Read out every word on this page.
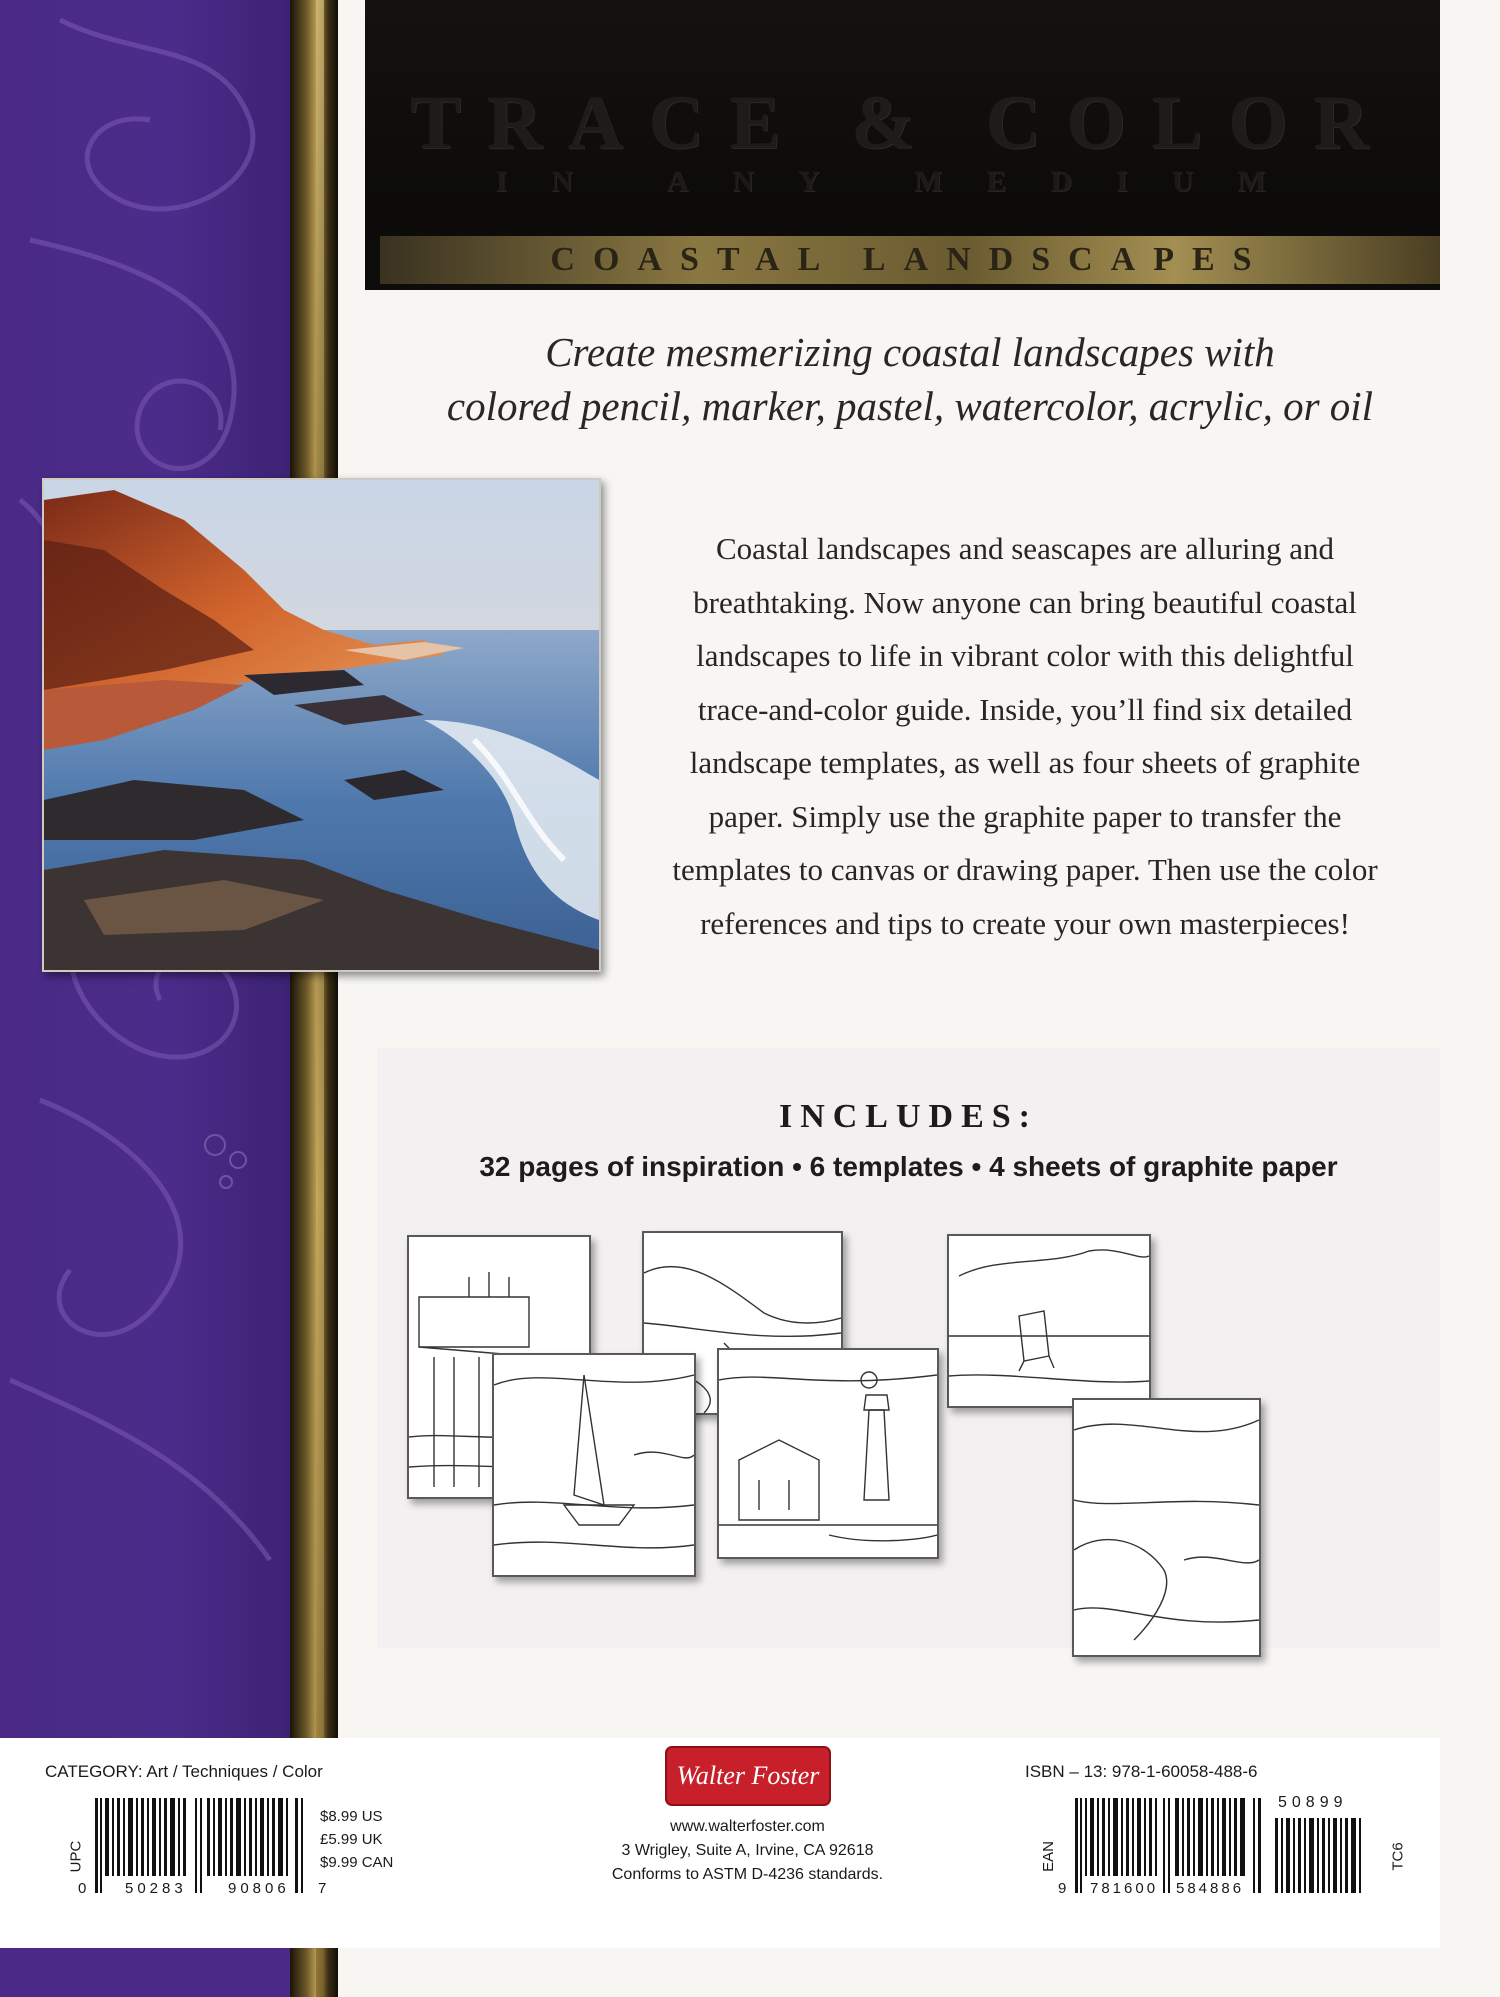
TRACE & COLOR
IN ANY MEDIUM
COASTAL LANDSCAPES
Create mesmerizing coastal landscapes with
colored pencil, marker, pastel, watercolor, acrylic, or oil
Coastal landscapes and seascapes are alluring and
breathtaking. Now anyone can bring beautiful coastal
landscapes to life in vibrant color with this delightful
trace-and-color guide. Inside, you’ll find six detailed
landscape templates, as well as four sheets of graphite
paper. Simply use the graphite paper to transfer the
templates to canvas or drawing paper. Then use the color
references and tips to create your own masterpieces!
INCLUDES:
32 pages of inspiration • 6 templates • 4 sheets of graphite paper
CATEGORY: Art / Techniques / Color
UPC
0	50283	90806 7
$8.99 US
£5.99 UK
$9.99 CAN
Walter Foster
www.walterfoster.com
3 Wrigley, Suite A, Irvine, CA 92618
Conforms to ASTM D-4236 standards.
ISBN – 13: 978-1-60058-488-6
EAN
50899
9 781600 584886
TC6
